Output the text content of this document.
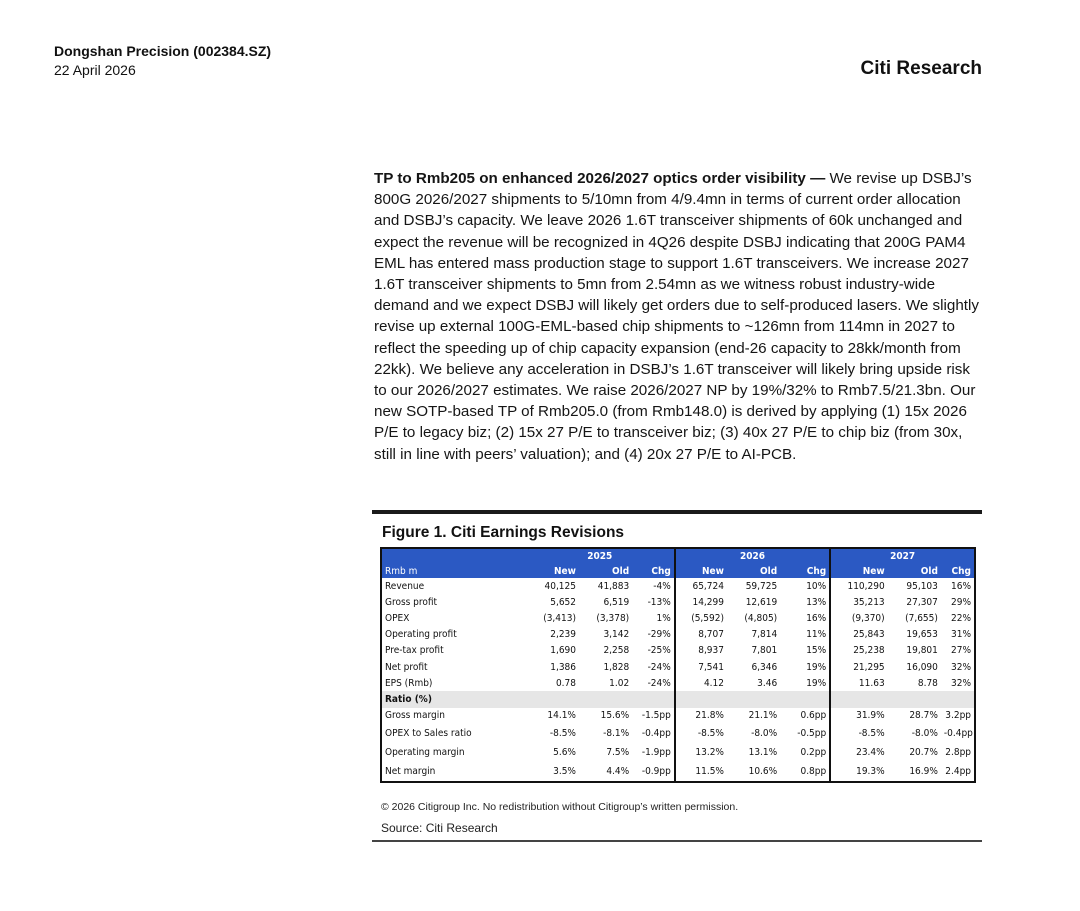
Dongshan Precision (002384.SZ)
22 April 2026	Citi Research

TP to Rmb205 on enhanced 2026/2027 optics order visibility — We revise up DSBJ’s 800G 2026/2027 shipments to 5/10mn from 4/9.4mn in terms of current order allocation and DSBJ’s capacity. We leave 2026 1.6T transceiver shipments of 60k unchanged and expect the revenue will be recognized in 4Q26 despite DSBJ indicating that 200G PAM4 EML has entered mass production stage to support 1.6T transceivers. We increase 2027 1.6T transceiver shipments to 5mn from 2.54mn as we witness robust industry-wide demand and we expect DSBJ will likely get orders due to self-produced lasers. We slightly revise up external 100G-EML-based chip shipments to ~126mn from 114mn in 2027 to reflect the speeding up of chip capacity expansion (end-26 capacity to 28kk/month from 22kk). We believe any acceleration in DSBJ’s 1.6T transceiver will likely bring upside risk to our 2026/2027 estimates. We raise 2026/2027 NP by 19%/32% to Rmb7.5/21.3bn. Our new SOTP-based TP of Rmb205.0 (from Rmb148.0) is derived by applying (1) 15x 2026 P/E to legacy biz; (2) 15x 27 P/E to transceiver biz; (3) 40x 27 P/E to chip biz (from 30x, still in line with peers’ valuation); and (4) 20x 27 P/E to AI-PCB.

Figure 1. Citi Earnings Revisions
	2025			2026			2027		
Rmb m	New	Old	Chg	New	Old	Chg	New	Old	Chg
Revenue	40,125	41,883	-4%	65,724	59,725	10%	110,290	95,103	16%
Gross profit	5,652	6,519	-13%	14,299	12,619	13%	35,213	27,307	29%
OPEX	(3,413)	(3,378)	1%	(5,592)	(4,805)	16%	(9,370)	(7,655)	22%
Operating profit	2,239	3,142	-29%	8,707	7,814	11%	25,843	19,653	31%
Pre-tax profit	1,690	2,258	-25%	8,937	7,801	15%	25,238	19,801	27%
Net profit	1,386	1,828	-24%	7,541	6,346	19%	21,295	16,090	32%
EPS (Rmb)	0.78	1.02	-24%	4.12	3.46	19%	11.63	8.78	32%
Ratio (%)									
Gross margin	14.1%	15.6%	-1.5pp	21.8%	21.1%	0.6pp	31.9%	28.7%	3.2pp
OPEX to Sales ratio	-8.5%	-8.1%	-0.4pp	-8.5%	-8.0%	-0.5pp	-8.5%	-8.0%	-0.4pp
Operating margin	5.6%	7.5%	-1.9pp	13.2%	13.1%	0.2pp	23.4%	20.7%	2.8pp
Net margin	3.5%	4.4%	-0.9pp	11.5%	10.6%	0.8pp	19.3%	16.9%	2.4pp
© 2026 Citigroup Inc. No redistribution without Citigroup’s written permission.
Source: Citi Research
